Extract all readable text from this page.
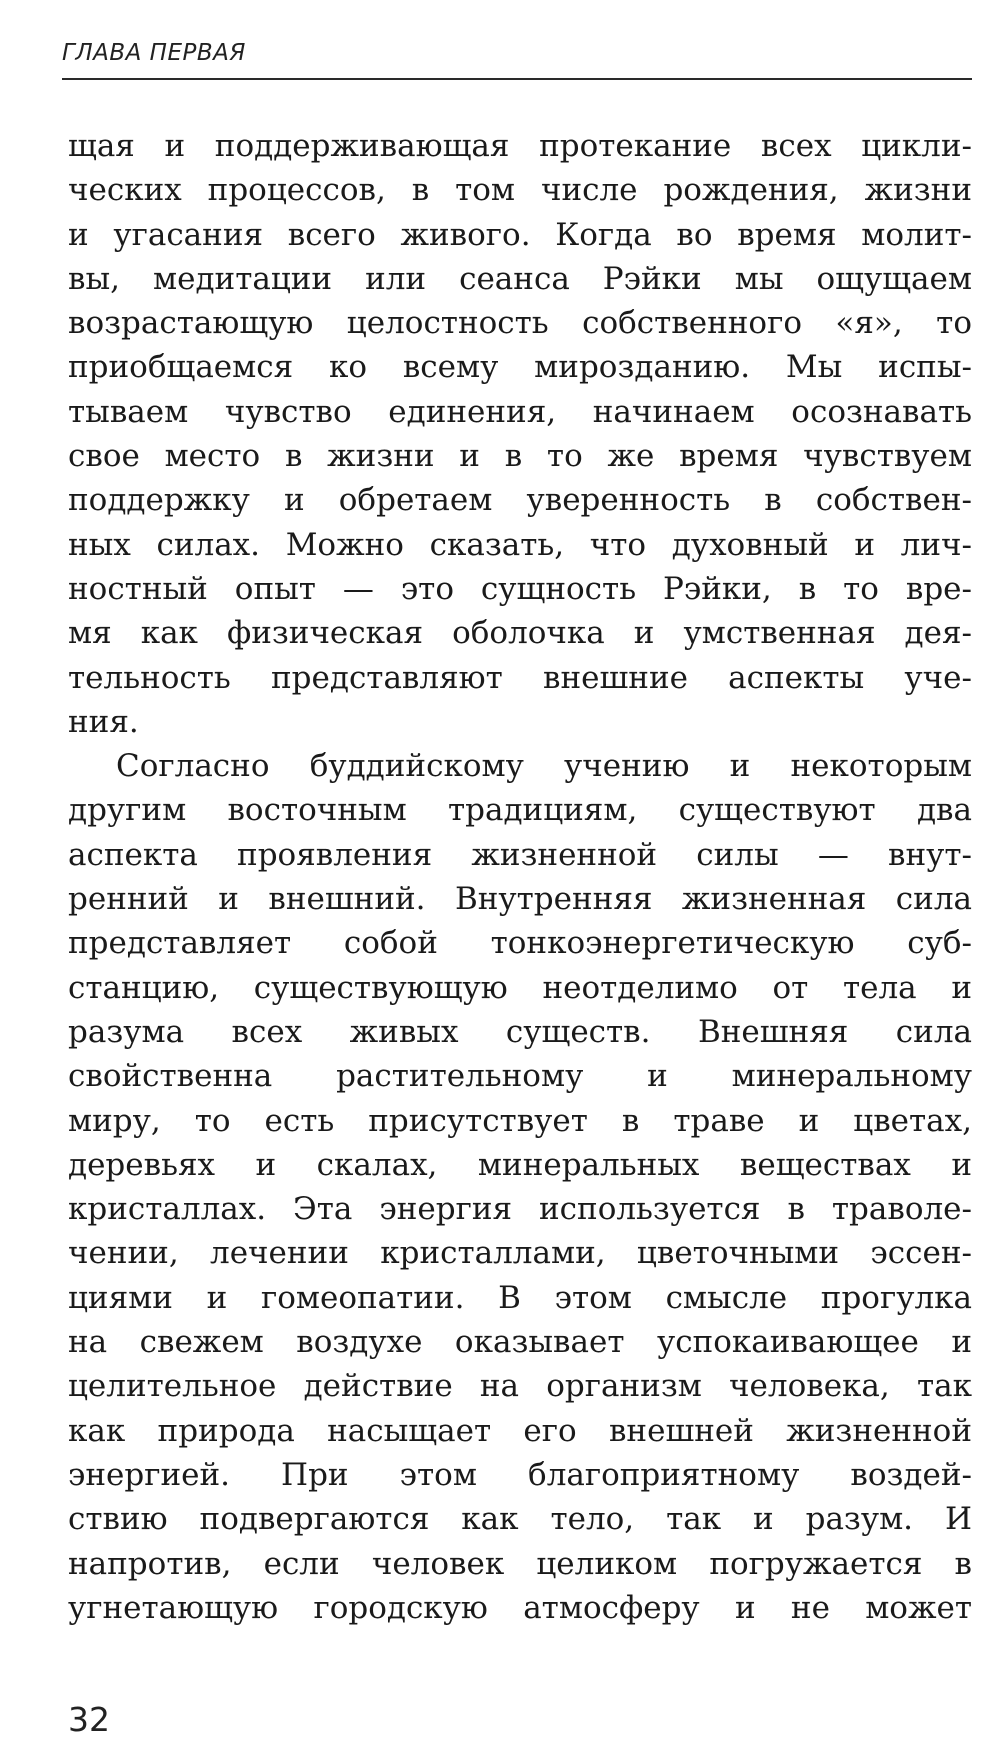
ГЛАВА ПЕРВАЯ
щая и поддерживающая протекание всех цикли-
ческих процессов, в том числе рождения, жизни
и угасания всего живого. Когда во время молит-
вы, медитации или сеанса Рэйки мы ощущаем
возрастающую целостность собственного «я», то
приобщаемся ко всему мирозданию. Мы испы-
тываем чувство единения, начинаем осознавать
свое место в жизни и в то же время чувствуем
поддержку и обретаем уверенность в собствен-
ных силах. Можно сказать, что духовный и лич-
ностный опыт — это сущность Рэйки, в то вре-
мя как физическая оболочка и умственная дея-
тельность представляют внешние аспекты уче-
ния.
Согласно буддийскому учению и некоторым
другим восточным традициям, существуют два
аспекта проявления жизненной силы — внут-
ренний и внешний. Внутренняя жизненная сила
представляет собой тонкоэнергетическую суб-
станцию, существующую неотделимо от тела и
разума всех живых существ. Внешняя сила
свойственна растительному и минеральному
миру, то есть присутствует в траве и цветах,
деревьях и скалах, минеральных веществах и
кристаллах. Эта энергия используется в траволе-
чении, лечении кристаллами, цветочными эссен-
циями и гомеопатии. В этом смысле прогулка
на свежем воздухе оказывает успокаивающее и
целительное действие на организм человека, так
как природа насыщает его внешней жизненной
энергией. При этом благоприятному воздей-
ствию подвергаются как тело, так и разум. И
напротив, если человек целиком погружается в
угнетающую городскую атмосферу и не может
32
